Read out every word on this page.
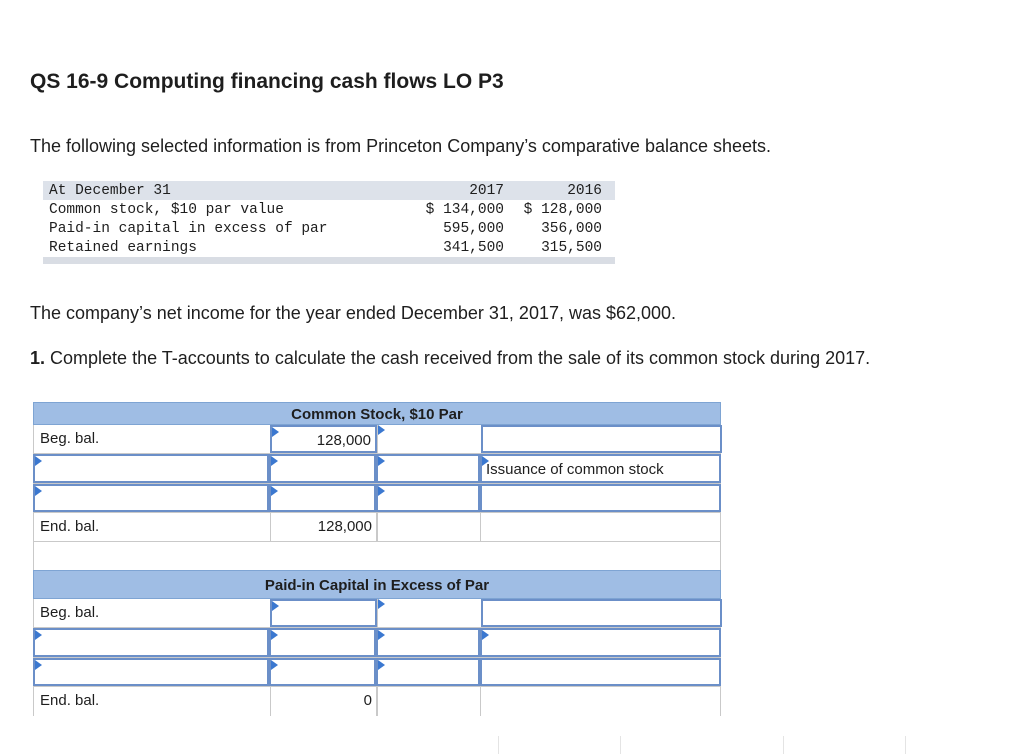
QS 16-9 Computing financing cash flows LO P3
The following selected information is from Princeton Company’s comparative balance sheets.
At December 31	2017	2016
Common stock, $10 par value	$ 134,000 $ 128,000
Paid-in capital in excess of par	595,000	356,000
Retained earnings	341,500	315,500
The company’s net income for the year ended December 31, 2017, was $62,000.
1. Complete the T-accounts to calculate the cash received from the sale of its common stock during 2017.
Common Stock, $10 Par
Beg. bal.	128,000
Issuance of common stock
End. bal.	128,000
Paid-in Capital in Excess of Par
Beg. bal.
End. bal.	0
